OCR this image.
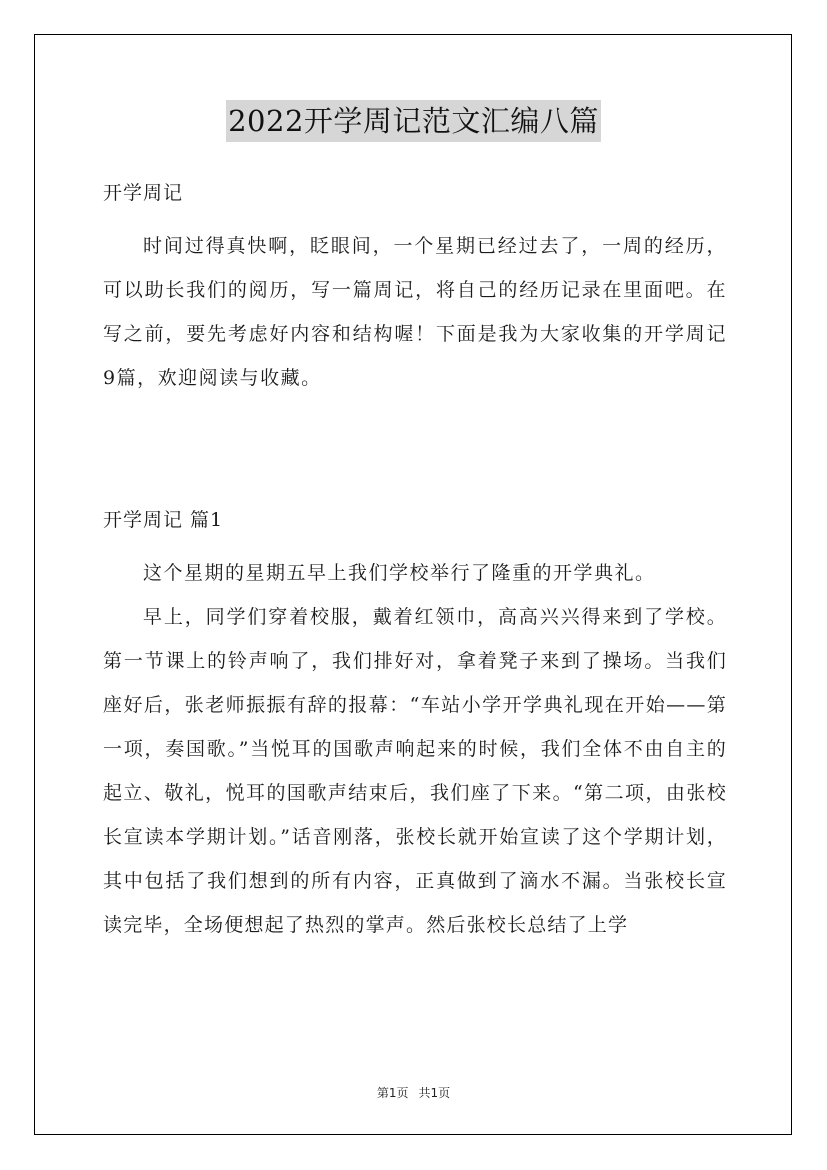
2022开学周记范文汇编八篇
开学周记
时间过得真快啊，眨眼间，一个星期已经过去了，一周的经历，可以助长我们的阅历，写一篇周记，将自己的经历记录在里面吧。在写之前，要先考虑好内容和结构喔！下面是我为大家收集的开学周记9篇，欢迎阅读与收藏。
开学周记 篇1
这个星期的星期五早上我们学校举行了隆重的开学典礼。
早上，同学们穿着校服，戴着红领巾，高高兴兴得来到了学校。第一节课上的铃声响了，我们排好对，拿着凳子来到了操场。当我们座好后，张老师振振有辞的报幕：“车站小学开学典礼现在开始——第一项，奏国歌。”当悦耳的国歌声响起来的时候，我们全体不由自主的起立、敬礼，悦耳的国歌声结束后，我们座了下来。“第二项，由张校长宣读本学期计划。”话音刚落，张校长就开始宣读了这个学期计划，其中包括了我们想到的所有内容，正真做到了滴水不漏。当张校长宣读完毕，全场便想起了热烈的掌声。然后张校长总结了上学
第1页 共1页
